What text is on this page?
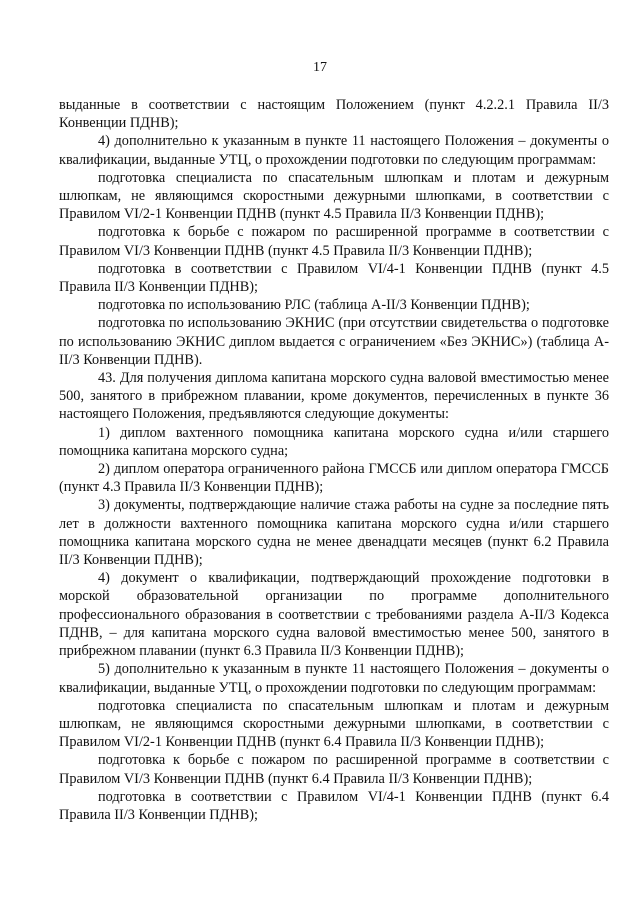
17

выданные в соответствии с настоящим Положением (пункт 4.2.2.1 Правила II/3 Конвенции ПДНВ);

4) дополнительно к указанным в пункте 11 настоящего Положения – документы о квалификации, выданные УТЦ, о прохождении подготовки по следующим программам:

подготовка специалиста по спасательным шлюпкам и плотам и дежурным шлюпкам, не являющимся скоростными дежурными шлюпками, в соответствии с Правилом VI/2-1 Конвенции ПДНВ (пункт 4.5 Правила II/3 Конвенции ПДНВ);

подготовка к борьбе с пожаром по расширенной программе в соответствии с Правилом VI/3 Конвенции ПДНВ (пункт 4.5 Правила II/3 Конвенции ПДНВ);

подготовка в соответствии с Правилом VI/4-1 Конвенции ПДНВ (пункт 4.5 Правила II/3 Конвенции ПДНВ);

подготовка по использованию РЛС (таблица А-II/3 Конвенции ПДНВ);

подготовка по использованию ЭКНИС (при отсутствии свидетельства о подготовке по использованию ЭКНИС диплом выдается с ограничением «Без ЭКНИС») (таблица А-II/3 Конвенции ПДНВ).

43. Для получения диплома капитана морского судна валовой вместимостью менее 500, занятого в прибрежном плавании, кроме документов, перечисленных в пункте 36 настоящего Положения, предъявляются следующие документы:

1) диплом вахтенного помощника капитана морского судна и/или старшего помощника капитана морского судна;

2) диплом оператора ограниченного района ГМССБ или диплом оператора ГМССБ (пункт 4.3 Правила II/3 Конвенции ПДНВ);

3) документы, подтверждающие наличие стажа работы на судне за последние пять лет в должности вахтенного помощника капитана морского судна и/или старшего помощника капитана морского судна не менее двенадцати месяцев (пункт 6.2 Правила II/3 Конвенции ПДНВ);

4) документ о квалификации, подтверждающий прохождение подготовки в морской образовательной организации по программе дополнительного профессионального образования в соответствии с требованиями раздела А-II/3 Кодекса ПДНВ, – для капитана морского судна валовой вместимостью менее 500, занятого в прибрежном плавании (пункт 6.3 Правила II/3 Конвенции ПДНВ);

5) дополнительно к указанным в пункте 11 настоящего Положения – документы о квалификации, выданные УТЦ, о прохождении подготовки по следующим программам:

подготовка специалиста по спасательным шлюпкам и плотам и дежурным шлюпкам, не являющимся скоростными дежурными шлюпками, в соответствии с Правилом VI/2-1 Конвенции ПДНВ (пункт 6.4 Правила II/3 Конвенции ПДНВ);

подготовка к борьбе с пожаром по расширенной программе в соответствии с Правилом VI/3 Конвенции ПДНВ (пункт 6.4 Правила II/3 Конвенции ПДНВ);

подготовка в соответствии с Правилом VI/4-1 Конвенции ПДНВ (пункт 6.4 Правила II/3 Конвенции ПДНВ);
